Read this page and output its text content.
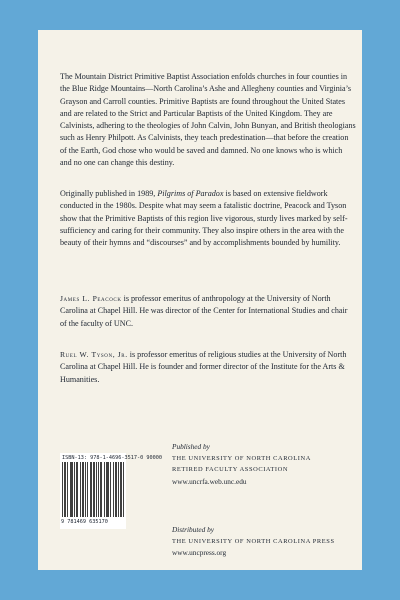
The Mountain District Primitive Baptist Association enfolds churches in four counties in the Blue Ridge Mountains—North Carolina’s Ashe and Allegheny counties and Virginia’s Grayson and Carroll counties. Primitive Baptists are found throughout the United States and are related to the Strict and Particular Baptists of the United Kingdom. They are Calvinists, adhering to the theologies of John Calvin, John Bunyan, and British theologians such as Henry Philpott. As Calvinists, they teach predestination—that before the creation of the Earth, God chose who would be saved and damned. No one knows who is which and no one can change this destiny.

Originally published in 1989, Pilgrims of Paradox is based on extensive fieldwork conducted in the 1980s. Despite what may seem a fatalistic doctrine, Peacock and Tyson show that the Primitive Baptists of this region live vigorous, sturdy lives marked by self-sufficiency and caring for their community. They also inspire others in the area with the beauty of their hymns and “discourses” and by accomplishments bounded by humility.

James L. Peacock is professor emeritus of anthropology at the University of North Carolina at Chapel Hill. He was director of the Center for International Studies and chair of the faculty of UNC.

Ruel W. Tyson, Jr. is professor emeritus of religious studies at the University of North Carolina at Chapel Hill. He is founder and former director of the Institute for the Arts & Humanities.

ISBN-13: 978-1-4696-3517-0 90000
9 781469 635170
Published by
THE UNIVERSITY OF NORTH CAROLINA
RETIRED FACULTY ASSOCIATION
www.uncrfa.web.unc.edu
Distributed by
THE UNIVERSITY OF NORTH CAROLINA PRESS
www.uncpress.org
